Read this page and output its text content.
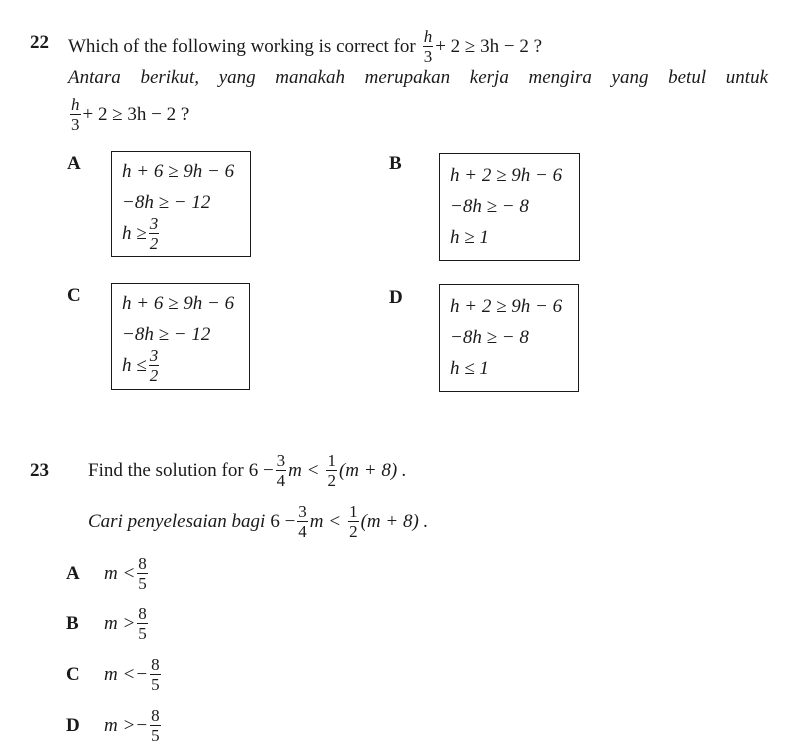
22 Which of the following working is correct for $\frac{h}{3} + 2 \ge 3h - 2$ ?
Antara berikut, yang manakah merupakan kerja mengira yang betul untuk
$\frac{h}{3} + 2 \ge 3h - 2$ ?
A h + 6 ≥ 9h − 6
−8h ≥ − 12
$h \ge \frac{3}{2}$
B
h + 2 ≥ 9h − 6
−8h ≥ − 8
h ≥ 1
C h + 6 ≥ 9h − 6
−8h ≥ − 12
$h \le \frac{3}{2}$
D h + 2 ≥ 9h − 6
−8h ≥ − 8
h ≤ 1
23 Find the solution for $6 - \frac{3}{4}$ $m < \frac{1}{2} (m + 8)$ .
Cari penyelesaian bagi $6 - \frac{3}{4}$ $m < \frac{1}{2} (m + 8)$ .
A	$m < \frac{8}{5}$
B	$m > \frac{8}{5}$
C	$m <- \frac{8}{5}$
D	$m >- \frac{8}{5}$
